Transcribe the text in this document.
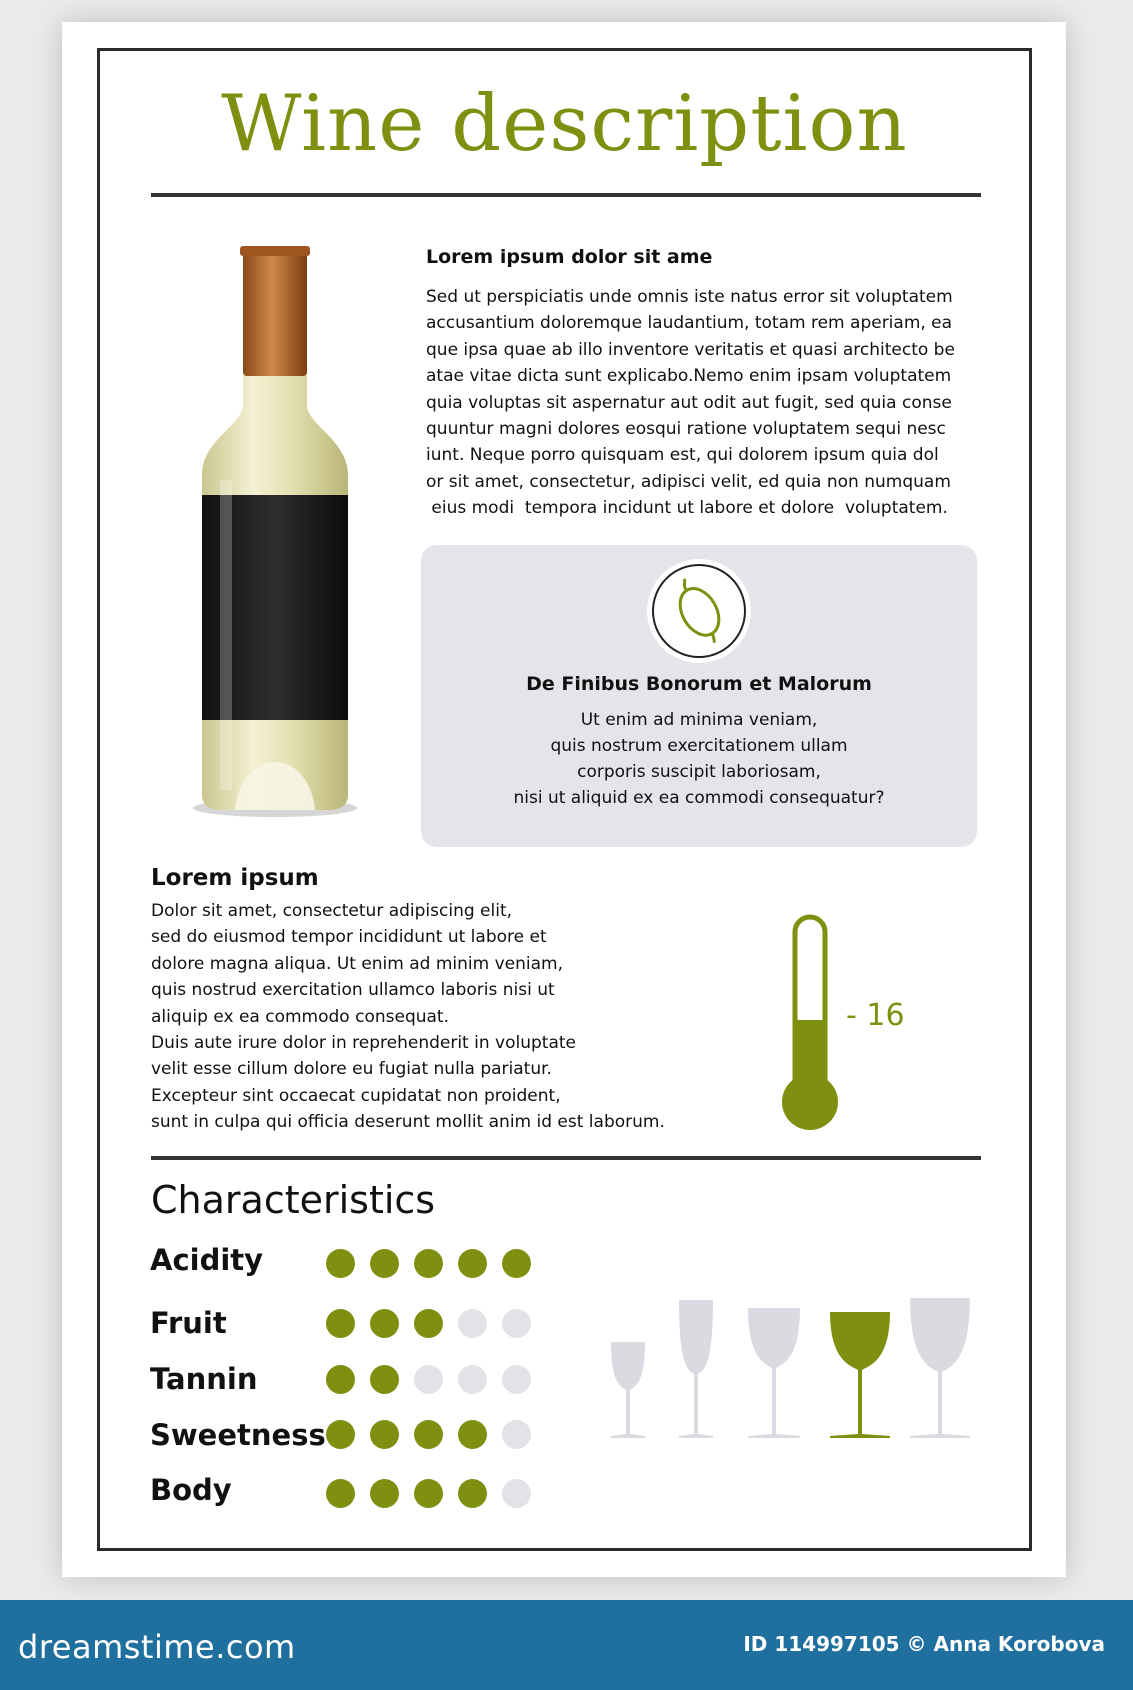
Wine description
Lorem ipsum dolor sit ame
Sed ut perspiciatis unde omnis iste natus error sit voluptatem
accusantium doloremque laudantium, totam rem aperiam, ea
que ipsa quae ab illo inventore veritatis et quasi architecto be
atae vitae dicta sunt explicabo.Nemo enim ipsam voluptatem
quia voluptas sit aspernatur aut odit aut fugit, sed quia conse
quuntur magni dolores eosqui ratione voluptatem sequi nesc
iunt. Neque porro quisquam est, qui dolorem ipsum quia dol
or sit amet, consectetur, adipisci velit, ed quia non numquam
eius modi  tempora incidunt ut labore et dolore  voluptatem.
De Finibus Bonorum et Malorum

Ut enim ad minima veniam,

quis nostrum exercitationem ullam

corporis suscipit laboriosam,

nisi ut aliquid ex ea commodi consequatur?

Lorem ipsum
Dolor sit amet, consectetur adipiscing elit,
sed do eiusmod tempor incididunt ut labore et
dolore magna aliqua. Ut enim ad minim veniam,
quis nostrud exercitation ullamco laboris nisi ut
aliquip ex ea commodo consequat.
Duis aute irure dolor in reprehenderit in voluptate
velit esse cillum dolore eu fugiat nulla pariatur.
Excepteur sint occaecat cupidatat non proident,
sunt in culpa qui officia deserunt mollit anim id est laborum.

- 16

Characteristics

Acidity

Fruit

Tannin

Sweetness

Body

dreamstime.com	ID 114997105 © Anna Korobova
